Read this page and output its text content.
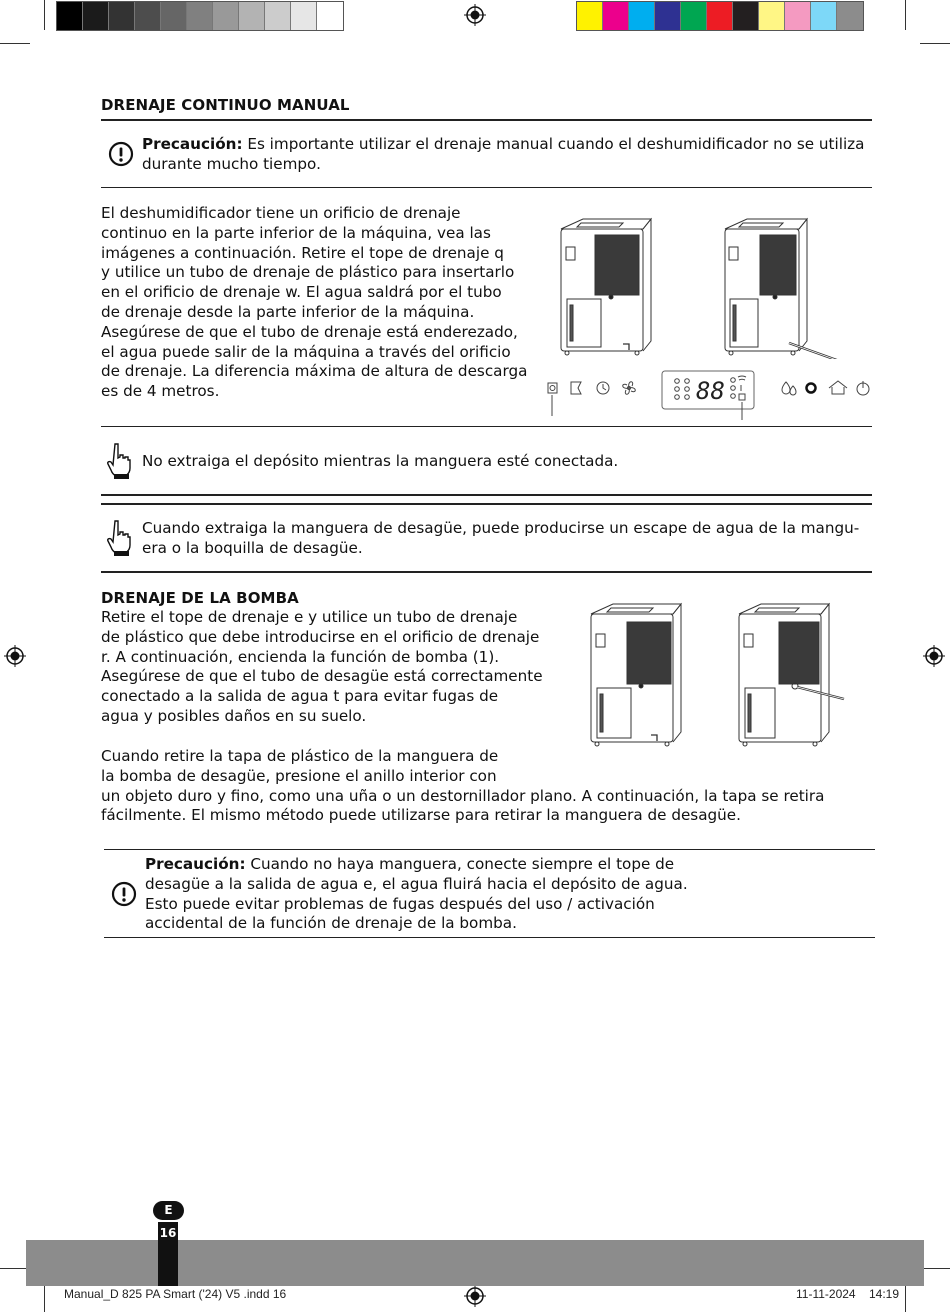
DRENAJE CONTINUO MANUAL
Precaución: Es importante utilizar el drenaje manual cuando el deshumidificador no se utiliza
durante mucho tiempo.
El deshumidificador tiene un orificio de drenaje
continuo en la parte inferior de la máquina, vea las
imágenes a continuación. Retire el tope de drenaje q
y utilice un tubo de drenaje de plástico para insertarlo
en el orificio de drenaje w. El agua saldrá por el tubo
de drenaje desde la parte inferior de la máquina.
Asegúrese de que el tubo de drenaje está enderezado,
el agua puede salir de la máquina a través del orificio
de drenaje. La diferencia máxima de altura de descarga
es de 4 metros.	88
No extraiga el depósito mientras la manguera esté conectada.
Cuando extraiga la manguera de desagüe, puede producirse un escape de agua de la mangu-
era o la boquilla de desagüe.
DRENAJE DE LA BOMBA
Retire el tope de drenaje e y utilice un tubo de drenaje
de plástico que debe introducirse en el orificio de drenaje
r. A continuación, encienda la función de bomba (1).
Asegúrese de que el tubo de desagüe está correctamente
conectado a la salida de agua t para evitar fugas de
agua y posibles daños en su suelo.
Cuando retire la tapa de plástico de la manguera de
la bomba de desagüe, presione el anillo interior con
un objeto duro y fino, como una uña o un destornillador plano. A continuación, la tapa se retira
fácilmente. El mismo método puede utilizarse para retirar la manguera de desagüe.
Precaución: Cuando no haya manguera, conecte siempre el tope de
desagüe a la salida de agua e, el agua fluirá hacia el depósito de agua.
Esto puede evitar problemas de fugas después del uso / activación
accidental de la función de drenaje de la bomba.
E
16
Manual_D 825 PA Smart ('24) V5 .indd 16	11-11-2024 14:19
